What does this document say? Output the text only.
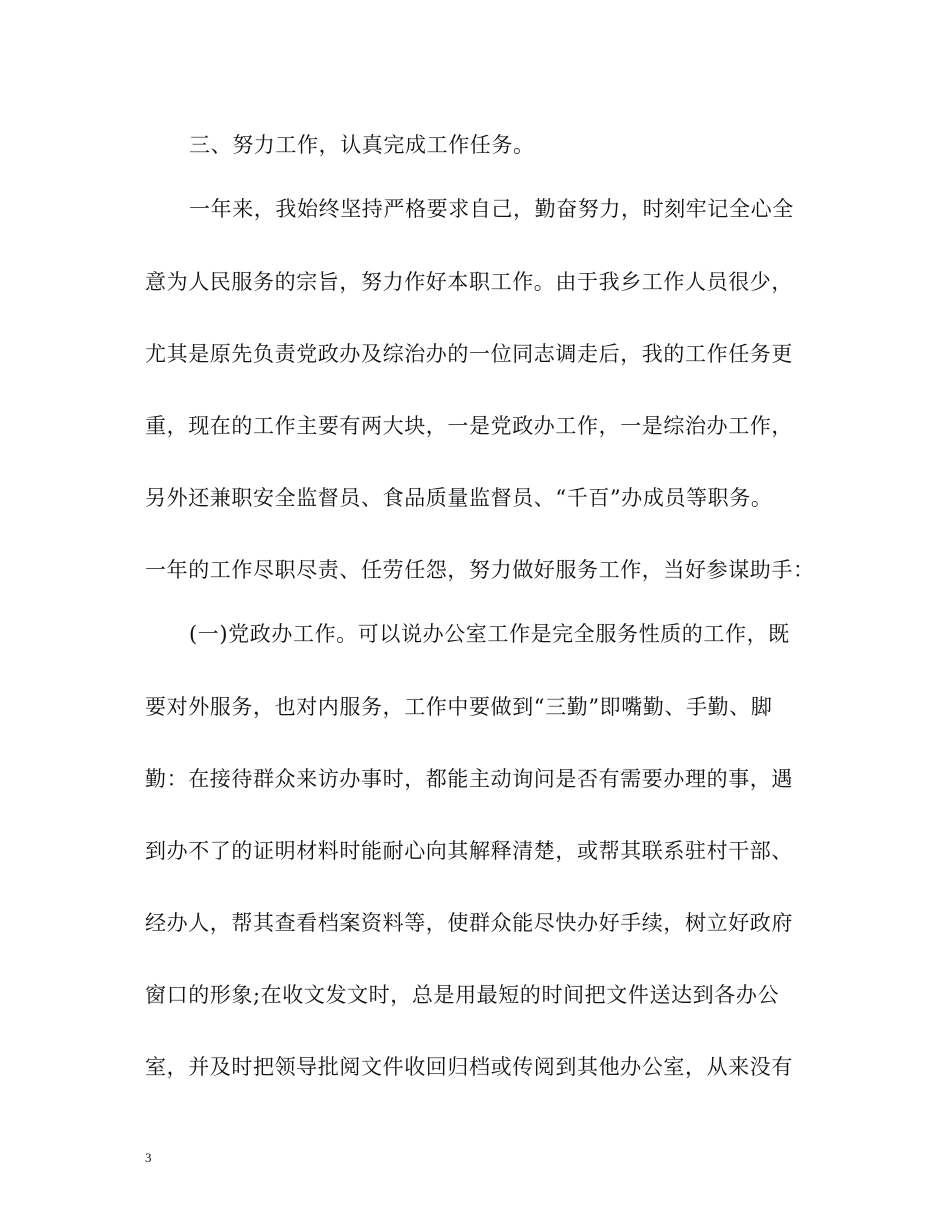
三、努力工作，认真完成工作任务。
一年来，我始终坚持严格要求自己，勤奋努力，时刻牢记全心全
意为人民服务的宗旨，努力作好本职工作。由于我乡工作人员很少，
尤其是原先负责党政办及综治办的一位同志调走后，我的工作任务更
重，现在的工作主要有两大块，一是党政办工作，一是综治办工作，
另外还兼职安全监督员、食品质量监督员、“千百”办成员等职务。
一年的工作尽职尽责、任劳任怨，努力做好服务工作，当好参谋助手：
(一)党政办工作。可以说办公室工作是完全服务性质的工作，既
要对外服务，也对内服务，工作中要做到“三勤”即嘴勤、手勤、脚
勤：在接待群众来访办事时，都能主动询问是否有需要办理的事，遇
到办不了的证明材料时能耐心向其解释清楚，或帮其联系驻村干部、
经办人，帮其查看档案资料等，使群众能尽快办好手续，树立好政府
窗口的形象;在收文发文时，总是用最短的时间把文件送达到各办公
室，并及时把领导批阅文件收回归档或传阅到其他办公室，从来没有
3
